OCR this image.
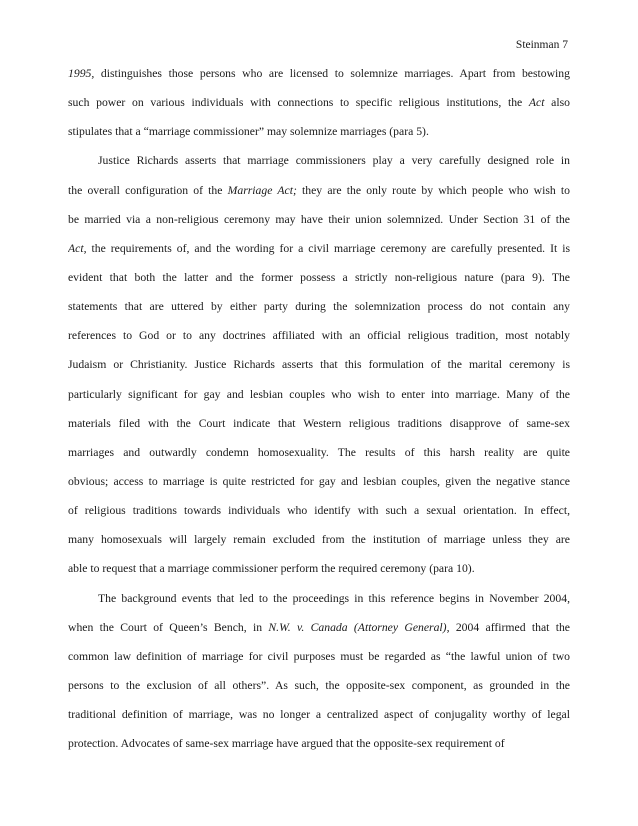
Steinman 7
1995, distinguishes those persons who are licensed to solemnize marriages. Apart from bestowing
such power on various individuals with connections to specific religious institutions, the Act also
stipulates that a “marriage commissioner” may solemnize marriages (para 5).
Justice Richards asserts that marriage commissioners play a very carefully designed role in
the overall configuration of the Marriage Act; they are the only route by which people who wish to
be married via a non-religious ceremony may have their union solemnized. Under Section 31 of the
Act, the requirements of, and the wording for a civil marriage ceremony are carefully presented. It is
evident that both the latter and the former possess a strictly non-religious nature (para 9). The
statements that are uttered by either party during the solemnization process do not contain any
references to God or to any doctrines affiliated with an official religious tradition, most notably
Judaism or Christianity. Justice Richards asserts that this formulation of the marital ceremony is
particularly significant for gay and lesbian couples who wish to enter into marriage. Many of the
materials filed with the Court indicate that Western religious traditions disapprove of same-sex
marriages and outwardly condemn homosexuality. The results of this harsh reality are quite
obvious; access to marriage is quite restricted for gay and lesbian couples, given the negative stance
of religious traditions towards individuals who identify with such a sexual orientation. In effect,
many homosexuals will largely remain excluded from the institution of marriage unless they are
able to request that a marriage commissioner perform the required ceremony (para 10).
The background events that led to the proceedings in this reference begins in November 2004,
when the Court of Queen’s Bench, in N.W. v. Canada (Attorney General), 2004 affirmed that the
common law definition of marriage for civil purposes must be regarded as “the lawful union of two
persons to the exclusion of all others”. As such, the opposite-sex component, as grounded in the
traditional definition of marriage, was no longer a centralized aspect of conjugality worthy of legal
protection. Advocates of same-sex marriage have argued that the opposite-sex requirement of
